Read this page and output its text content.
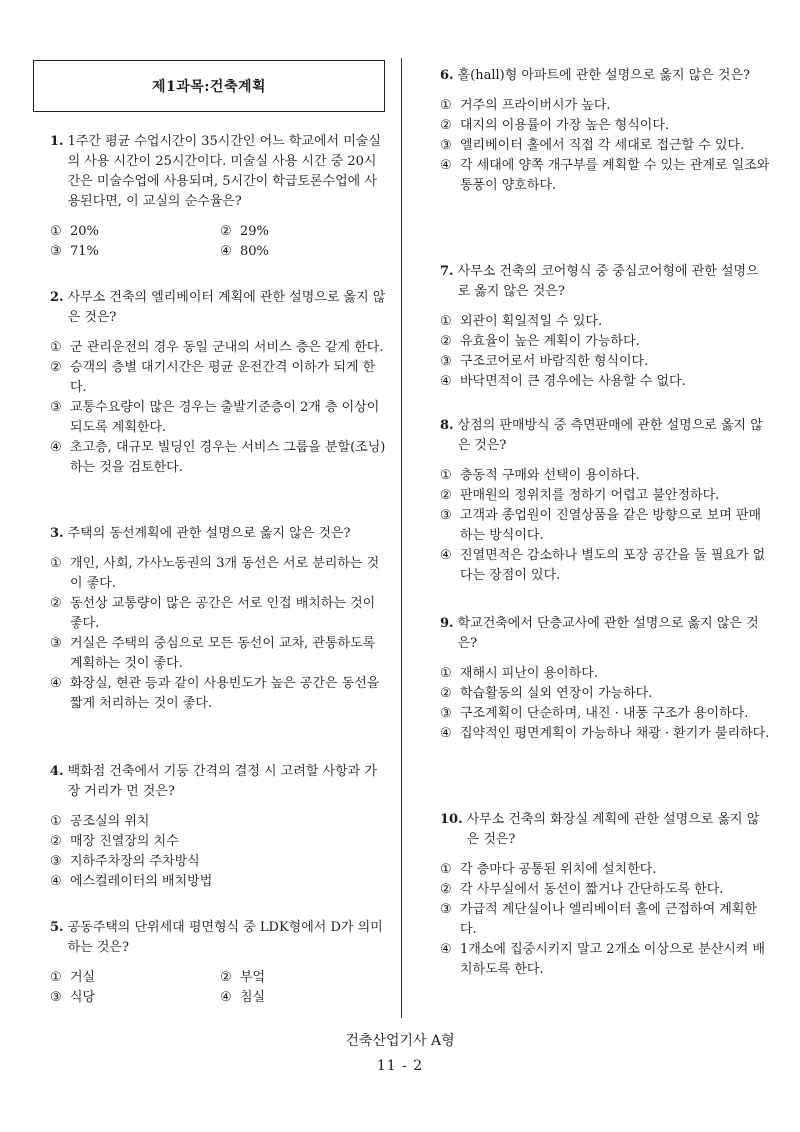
제1과목:건축계획
1. 1주간 평균 수업시간이 35시간인 어느 학교에서 미술실의 사용 시간이 25시간이다. 미술실 사용 시간 중 20시간은 미술수업에 사용되며, 5시간이 학급토론수업에 사용된다면, 이 교실의 순수율은?
① 20%	② 29%
③ 71%	④ 80%
2. 사무소 건축의 엘리베이터 계획에 관한 설명으로 옳지 않은 것은?
① 군 관리운전의 경우 동일 군내의 서비스 층은 같게 한다.
② 승객의 층별 대기시간은 평균 운전간격 이하가 되게 한다.
③ 교통수요량이 많은 경우는 출발기준층이 2개 층 이상이 되도록 계획한다.
④ 초고층, 대규모 빌딩인 경우는 서비스 그룹을 분할(조닝)하는 것을 검토한다.
3. 주택의 동선계획에 관한 설명으로 옳지 않은 것은?
① 개인, 사회, 가사노동권의 3개 동선은 서로 분리하는 것이 좋다.
② 동선상 교통량이 많은 공간은 서로 인접 배치하는 것이 좋다.
③ 거실은 주택의 중심으로 모든 동선이 교차, 관통하도록 계획하는 것이 좋다.
④ 화장실, 현관 등과 같이 사용빈도가 높은 공간은 동선을 짧게 처리하는 것이 좋다.
4. 백화점 건축에서 기둥 간격의 결정 시 고려할 사항과 가장 거리가 먼 것은?
① 공조실의 위치
② 매장 진열장의 치수
③ 지하주차장의 주차방식
④ 에스컬레이터의 배치방법
5. 공동주택의 단위세대 평면형식 중 LDK형에서 D가 의미하는 것은?
① 거실	② 부엌
③ 식당	④ 침실
6. 홀(hall)형 아파트에 관한 설명으로 옳지 않은 것은?
① 거주의 프라이버시가 높다.
② 대지의 이용률이 가장 높은 형식이다.
③ 엘리베이터 홀에서 직접 각 세대로 접근할 수 있다.
④ 각 세대에 양쪽 개구부를 계획할 수 있는 관계로 일조와 통풍이 양호하다.
7. 사무소 건축의 코어형식 중 중심코어형에 관한 설명으로 옳지 않은 것은?
① 외관이 획일적일 수 있다.
② 유효율이 높은 계획이 가능하다.
③ 구조코어로서 바람직한 형식이다.
④ 바닥면적이 큰 경우에는 사용할 수 없다.
8. 상점의 판매방식 중 측면판매에 관한 설명으로 옳지 않은 것은?
① 충동적 구매와 선택이 용이하다.
② 판매원의 정위치를 정하기 어렵고 불안정하다.
③ 고객과 종업원이 진열상품을 같은 방향으로 보며 판매하는 방식이다.
④ 진열면적은 감소하나 별도의 포장 공간을 둘 필요가 없다는 장점이 있다.
9. 학교건축에서 단층교사에 관한 설명으로 옳지 않은 것은?
① 재해시 피난이 용이하다.
② 학습활동의 실외 연장이 가능하다.
③ 구조계획이 단순하며, 내진 · 내풍 구조가 용이하다.
④ 집약적인 평면계획이 가능하나 채광 · 환기가 불리하다.
10. 사무소 건축의 화장실 계획에 관한 설명으로 옳지 않은 것은?
① 각 층마다 공통된 위치에 설치한다.
② 각 사무실에서 동선이 짧거나 간단하도록 한다.
③ 가급적 계단실이나 엘리베이터 홀에 근접하여 계획한다.
④ 1개소에 집중시키지 말고 2개소 이상으로 분산시켜 배치하도록 한다.
건축산업기사 A형
11 - 2
